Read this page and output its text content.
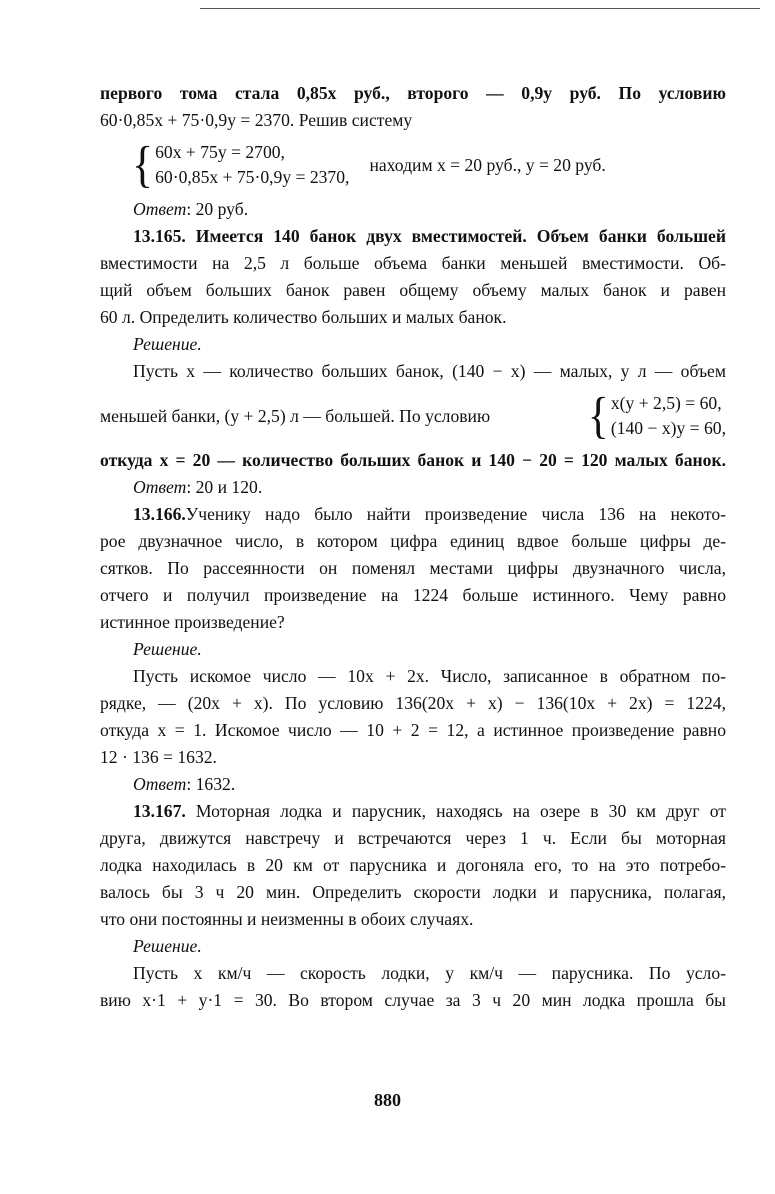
первого тома стала 0,85x руб., второго — 0,9y руб. По условию
60·0,85x + 75·0,9y = 2370. Решив систему
{ 60x + 75y = 2700,
60·0,85x + 75·0,9y = 2370,
находим x = 20 руб., y = 20 руб.
Ответ: 20 руб.
13.165. Имеется 140 банок двух вместимостей. Объем банки большей
вместимости на 2,5 л больше объема банки меньшей вместимости. Об-
щий объем больших банок равен общему объему малых банок и равен
60 л. Определить количество больших и малых банок.
Решение.
Пусть x — количество больших банок, (140 − x) — малых, y л — объем
меньшей банки, (y + 2,5) л — большей. По условию { x(y + 2,5) = 60,
(140 − x)y = 60,
откуда x = 20 — количество больших банок и 140 − 20 = 120 малых банок.
Ответ: 20 и 120.
13.166.Ученику надо было найти произведение числа 136 на некото-
рое двузначное число, в котором цифра единиц вдвое больше цифры де-
сятков. По рассеянности он поменял местами цифры двузначного числа,
отчего и получил произведение на 1224 больше истинного. Чему равно
истинное произведение?
Решение.
Пусть искомое число — 10x + 2x. Число, записанное в обратном по-
рядке, — (20x + x). По условию 136(20x + x) − 136(10x + 2x) = 1224,
откуда x = 1. Искомое число — 10 + 2 = 12, а истинное произведение равно
12 · 136 = 1632.
Ответ: 1632.
13.167. Моторная лодка и парусник, находясь на озере в 30 км друг от
друга, движутся навстречу и встречаются через 1 ч. Если бы моторная
лодка находилась в 20 км от парусника и догоняла его, то на это потребо-
валось бы 3 ч 20 мин. Определить скорости лодки и парусника, полагая,
что они постоянны и неизменны в обоих случаях.
Решение.
Пусть x км/ч — скорость лодки, y км/ч — парусника. По усло-
вию x·1 + y·1 = 30. Во втором случае за 3 ч 20 мин лодка прошла бы
880
